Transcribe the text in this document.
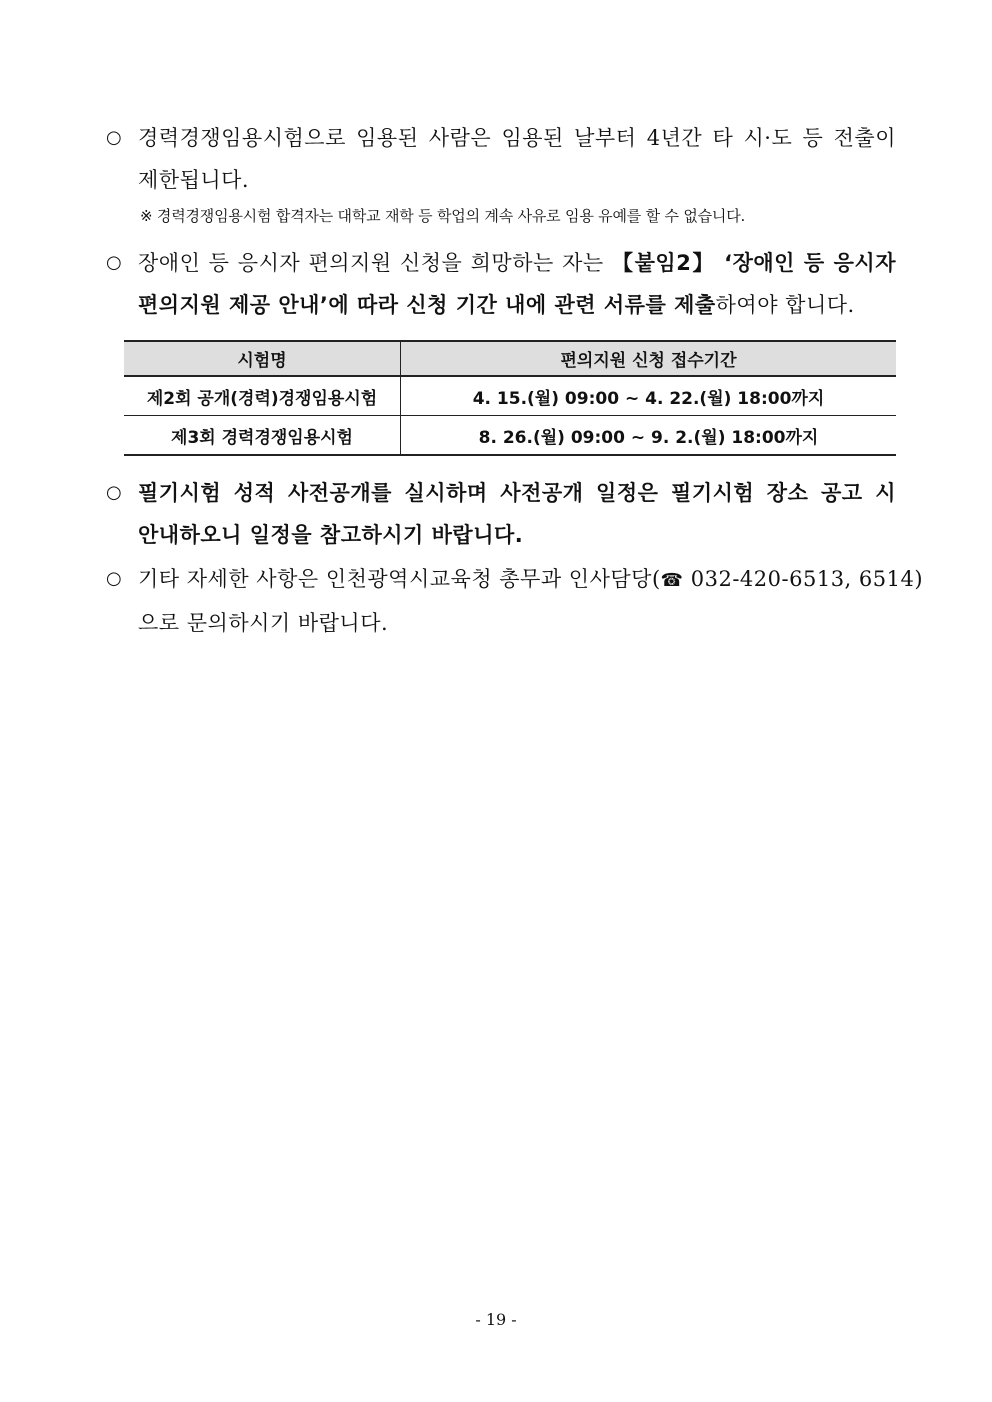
○ 경력경쟁임용시험으로 임용된 사람은 임용된 날부터 4년간 타 시·도 등 전출이
제한됩니다.
※ 경력경쟁임용시험 합격자는 대학교 재학 등 학업의 계속 사유로 임용 유예를 할 수 없습니다.
○ 장애인 등 응시자 편의지원 신청을 희망하는 자는 【붙임2】 ‘장애인 등 응시자
편의지원 제공 안내’에 따라 신청 기간 내에 관련 서류를 제출하여야 합니다.
시험명	편의지원 신청 접수기간
제2회 공개(경력)경쟁임용시험	4. 15.(월) 09:00 ~ 4. 22.(월) 18:00까지
제3회 경력경쟁임용시험	8. 26.(월) 09:00 ~ 9. 2.(월) 18:00까지
○ 필기시험 성적 사전공개를 실시하며 사전공개 일정은 필기시험 장소 공고 시
안내하오니 일정을 참고하시기 바랍니다.
○ 기타 자세한 사항은 인천광역시교육청 총무과 인사담당(☎ 032-420-6513, 6514)
으로 문의하시기 바랍니다.
- 19 -
